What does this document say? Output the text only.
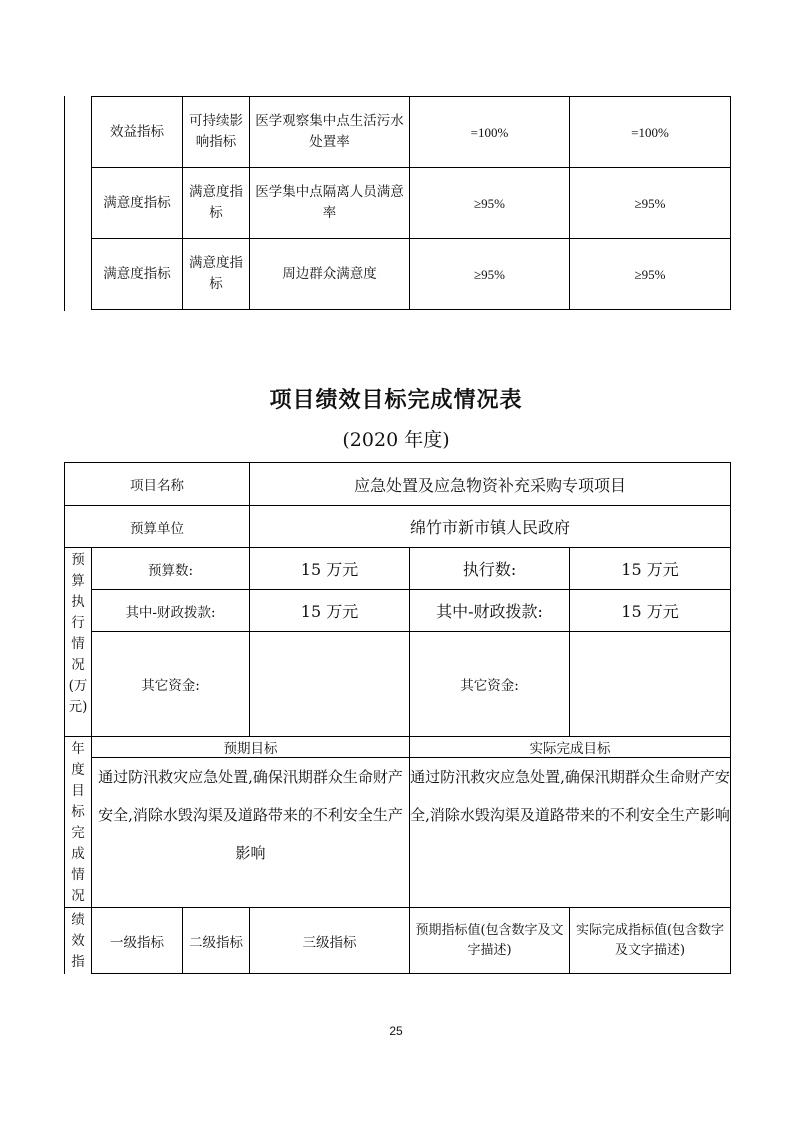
效益指标	可持续影响指标	医学观察集中点生活污水处置率	=100%	=100%
满意度指标	满意度指标	医学集中点隔离人员满意率	≥95%	≥95%
满意度指标	满意度指标	周边群众满意度	≥95%	≥95%
项目绩效目标完成情况表
(2020 年度)
项目名称			应急处置及应急物资补充采购专项项目		
预算单位			绵竹市新市镇人民政府		
预算执行情况(万元)	预算数:		15 万元	执行数:	15 万元
	其中-财政拨款:		15 万元	其中-财政拨款:	15 万元
	其它资金:			其它资金:	
年度目标完成情况	预期目标			实际完成目标	
	通过防汛救灾应急处置,确保汛期群众生命财产安全,消除水毁沟渠及道路带来的不利安全生产影响			通过防汛救灾应急处置,确保汛期群众生命财产安全,消除水毁沟渠及道路带来的不利安全生产影响	
绩效指	一级指标	二级指标	三级指标	预期指标值(包含数字及文字描述)	实际完成指标值(包含数字及文字描述)
25
